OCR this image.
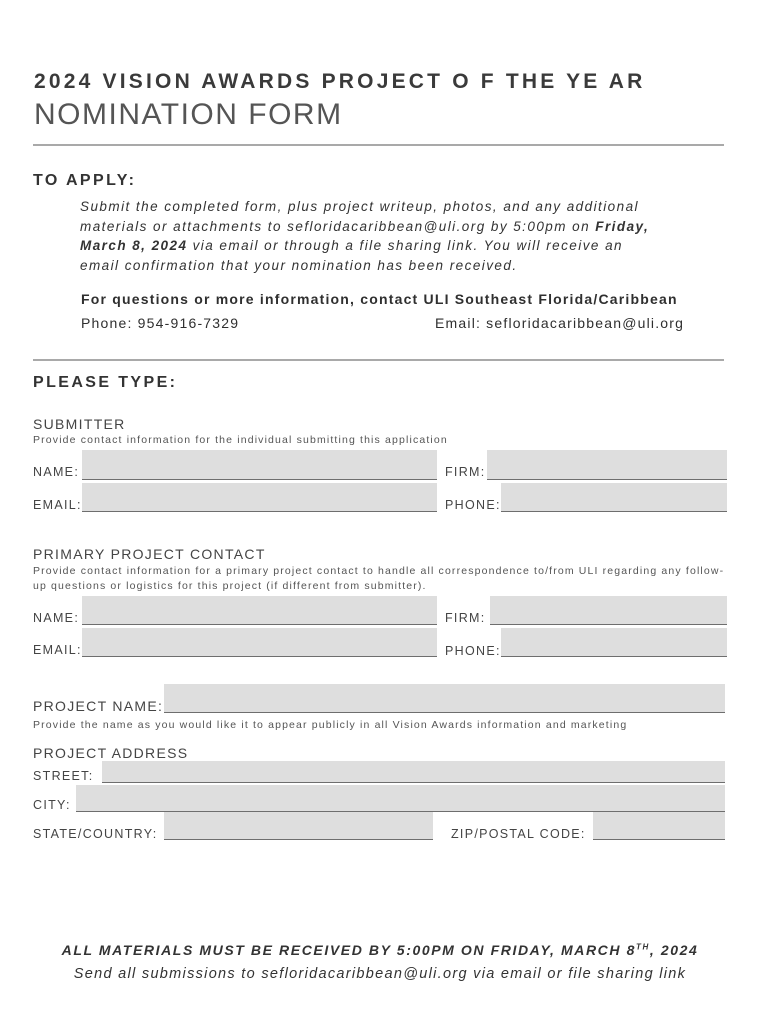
2024 VISION AWARDS PROJECT O F THE YE AR
NOMINATION FORM
TO APPLY:
Submit the completed form, plus project writeup, photos, and any additional
materials or attachments to sefloridacaribbean@uli.org by 5:00pm on Friday,
March 8, 2024 via email or through a file sharing link. You will receive an
email confirmation that your nomination has been received.
For questions or more information, contact ULI Southeast Florida/Caribbean
Phone: 954-916-7329	Email: sefloridacaribbean@uli.org
PLEASE TYPE:
SUBMITTER
Provide contact information for the individual submitting this application
NAME:	FIRM:
EMAIL:	PHONE:
PRIMARY PROJECT CONTACT
Provide contact information for a primary project contact to handle all correspondence to/from ULI regarding any follow-up questions or logistics for this project (if different from submitter).
NAME:	FIRM:
EMAIL:	PHONE:
PROJECT NAME:
Provide the name as you would like it to appear publicly in all Vision Awards information and marketing
PROJECT ADDRESS
STREET:
CITY:
STATE/COUNTRY:	ZIP/POSTAL CODE:
ALL MATERIALS MUST BE RECEIVED BY 5:00PM ON FRIDAY, MARCH 8TH, 2024
Send all submissions to sefloridacaribbean@uli.org via email or file sharing link
